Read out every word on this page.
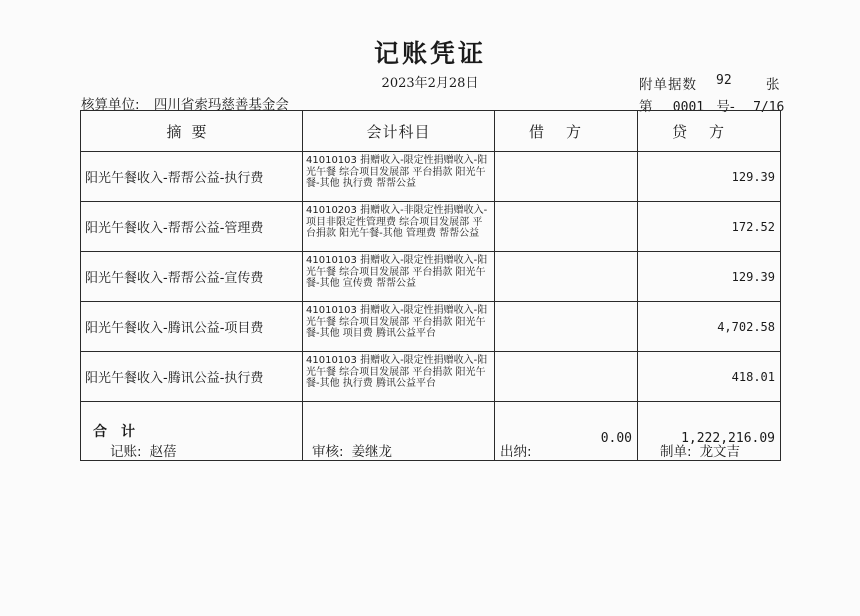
记账凭证
2023年2月28日	附单据数 92	张
核算单位: 四川省索玛慈善基金会	第 0001 号- 7/16
摘要	会计科目	借方	贷方
阳光午餐收入-帮帮公益-执行费	41010103 捐赠收入-限定性捐赠收入-阳光午餐 综合项目发展部 平台捐款 阳光午餐-其他 执行费 帮帮公益		129.39
阳光午餐收入-帮帮公益-管理费	41010203 捐赠收入-非限定性捐赠收入-项目非限定性管理费 综合项目发展部 平台捐款 阳光午餐-其他 管理费 帮帮公益		172.52
阳光午餐收入-帮帮公益-宣传费	41010103 捐赠收入-限定性捐赠收入-阳光午餐 综合项目发展部 平台捐款 阳光午餐-其他 宣传费 帮帮公益		129.39
阳光午餐收入-腾讯公益-项目费	41010103 捐赠收入-限定性捐赠收入-阳光午餐 综合项目发展部 平台捐款 阳光午餐-其他 项目费 腾讯公益平台		4,702.58
阳光午餐收入-腾讯公益-执行费	41010103 捐赠收入-限定性捐赠收入-阳光午餐 综合项目发展部 平台捐款 阳光午餐-其他 执行费 腾讯公益平台		418.01
合计		0.00	1,222,216.09
记账: 赵蓓	审核: 姜继龙	出纳:	制单: 龙文吉
